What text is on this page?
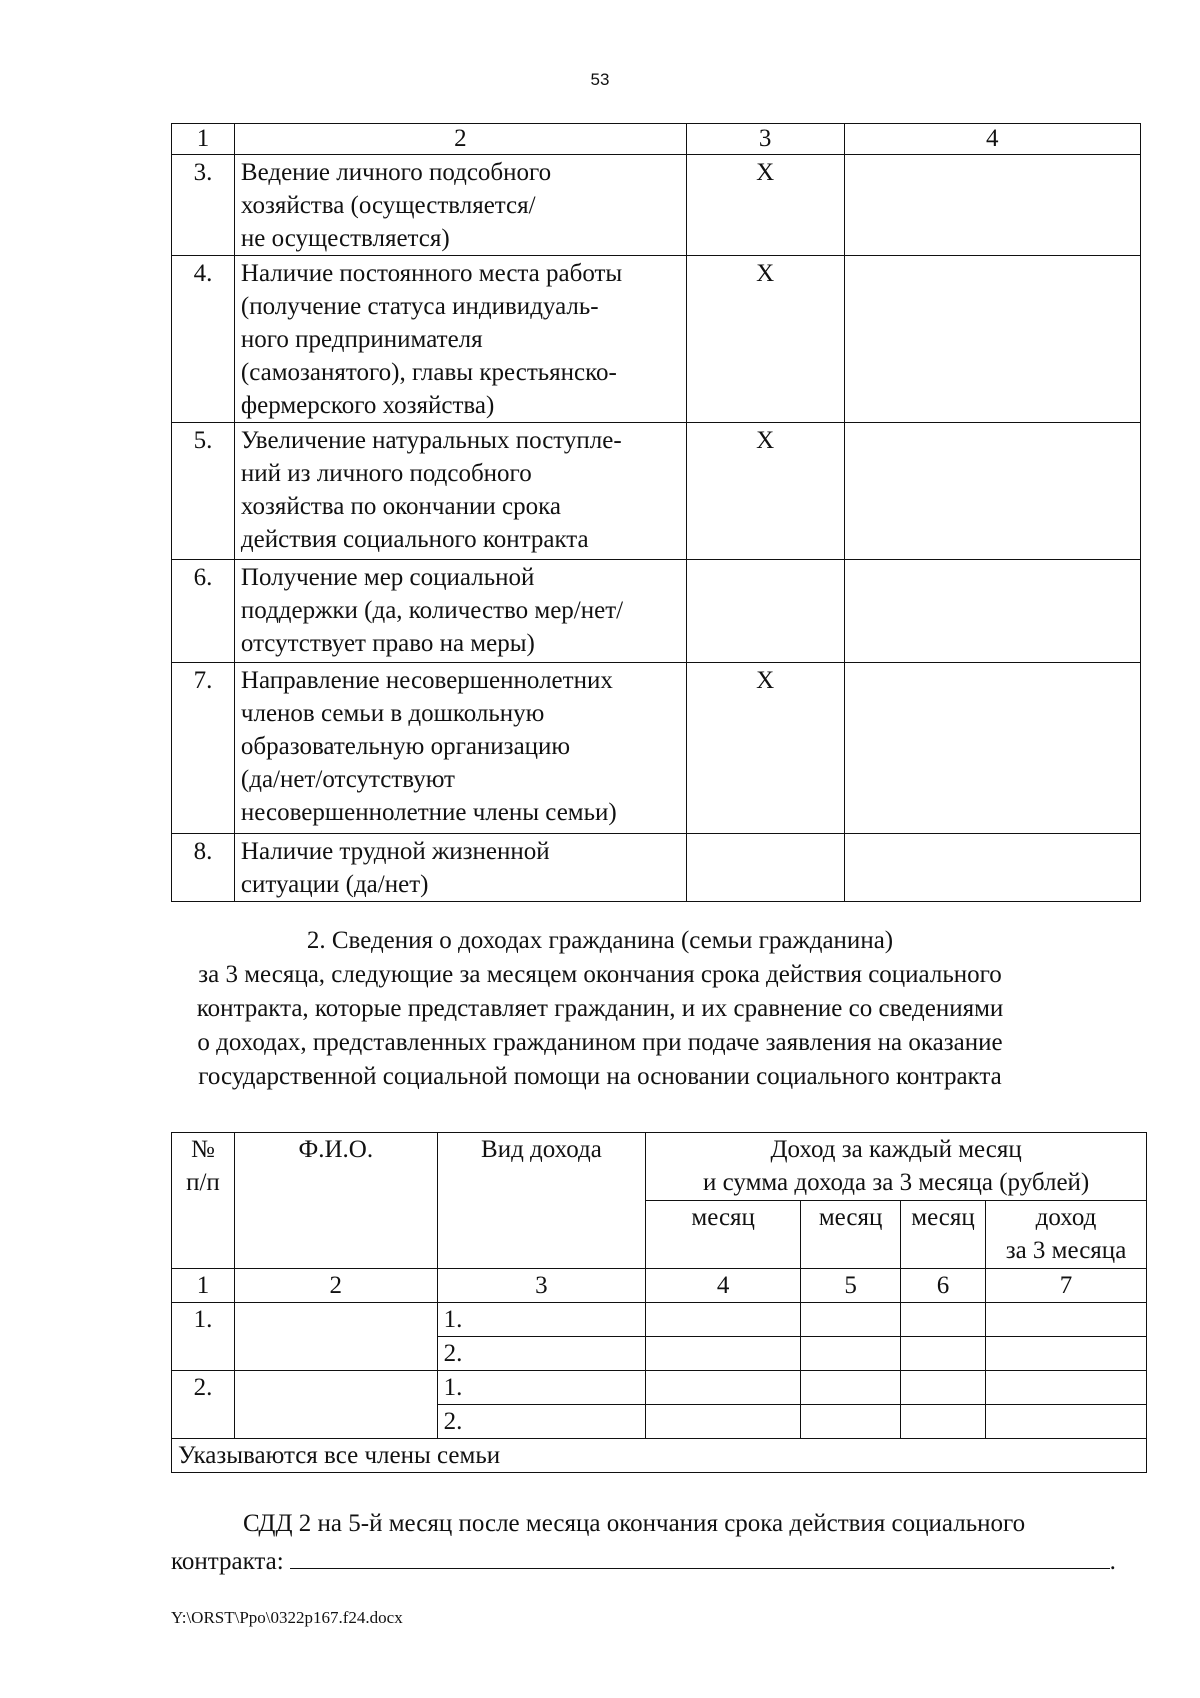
53
1	2	3	4
3.	Ведение личного подсобного
хозяйства (осуществляется/
не осуществляется)	Х	
4.	Наличие постоянного места работы
(получение статуса индивидуаль-
ного предпринимателя
(самозанятого), главы крестьянско-
фермерского хозяйства)	Х	
5.	Увеличение натуральных поступле-
ний из личного подсобного
хозяйства по окончании срока
действия социального контракта	Х	
6.	Получение мер социальной
поддержки (да, количество мер/нет/
отсутствует право на меры)		

7.	Направление несовершеннолетних
членов семьи в дошкольную
образовательную организацию
(да/нет/отсутствуют
несовершеннолетние члены семьи)	Х	
8.	Наличие трудной жизненной
ситуации (да/нет)		

2. Сведения о доходах гражданина (семьи гражданина)
за 3 месяца, следующие за месяцем окончания срока действия социального
контракта, которые представляет гражданин, и их сравнение со сведениями
о доходах, представленных гражданином при подаче заявления на оказание
государственной социальной помощи на основании социального контракта
№
п/п	Ф.И.О.	Вид дохода	Доход за каждый месяц
и сумма дохода за 3 месяца (рублей)			

			месяц	месяц	месяц	доход
за 3 месяца

1	2	3	4	5	6	7
1.		1.				
		2.				
2.		1.				
		2.				
Указываются все члены семьи						
СДД 2 на 5-й месяц после месяца окончания срока действия социального
контракта:	.
Y:\ORST\Ppo\0322p167.f24.docx
